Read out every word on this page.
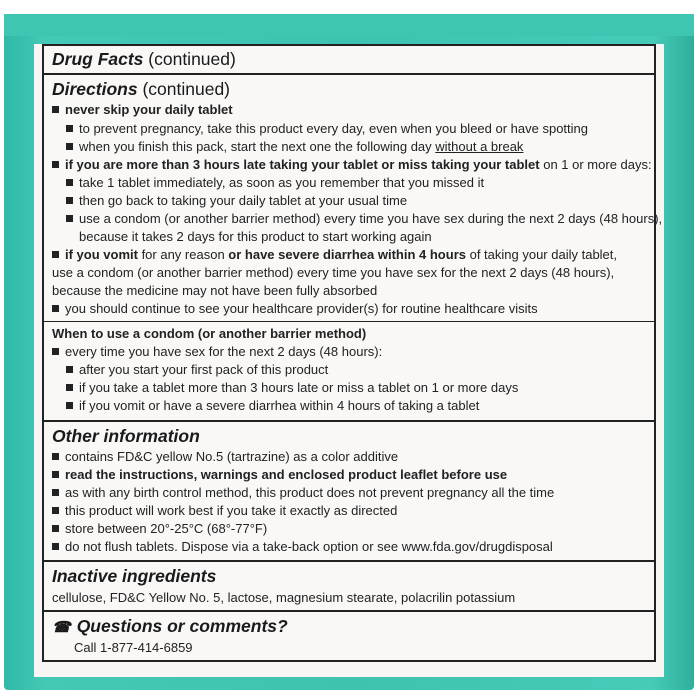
Drug Facts (continued)
Directions (continued)
never skip your daily tablet
to prevent pregnancy, take this product every day, even when you bleed or have spotting
when you finish this pack, start the next one the following day without a break
if you are more than 3 hours late taking your tablet or miss taking your tablet on 1 or more days:
take 1 tablet immediately, as soon as you remember that you missed it
then go back to taking your daily tablet at your usual time
use a condom (or another barrier method) every time you have sex during the next 2 days (48 hours),
because it takes 2 days for this product to start working again
if you vomit for any reason or have severe diarrhea within 4 hours of taking your daily tablet,
use a condom (or another barrier method) every time you have sex for the next 2 days (48 hours),
because the medicine may not have been fully absorbed
you should continue to see your healthcare provider(s) for routine healthcare visits
When to use a condom (or another barrier method)
every time you have sex for the next 2 days (48 hours):
after you start your first pack of this product
if you take a tablet more than 3 hours late or miss a tablet on 1 or more days
if you vomit or have a severe diarrhea within 4 hours of taking a tablet
Other information
contains FD&C yellow No.5 (tartrazine) as a color additive
read the instructions, warnings and enclosed product leaflet before use
as with any birth control method, this product does not prevent pregnancy all the time
this product will work best if you take it exactly as directed
store between 20°-25°C (68°-77°F)
do not flush tablets. Dispose via a take-back option or see www.fda.gov/drugdisposal
Inactive ingredients
cellulose, FD&C Yellow No. 5, lactose, magnesium stearate, polacrilin potassium
☎ Questions or comments?
Call 1-877-414-6859
